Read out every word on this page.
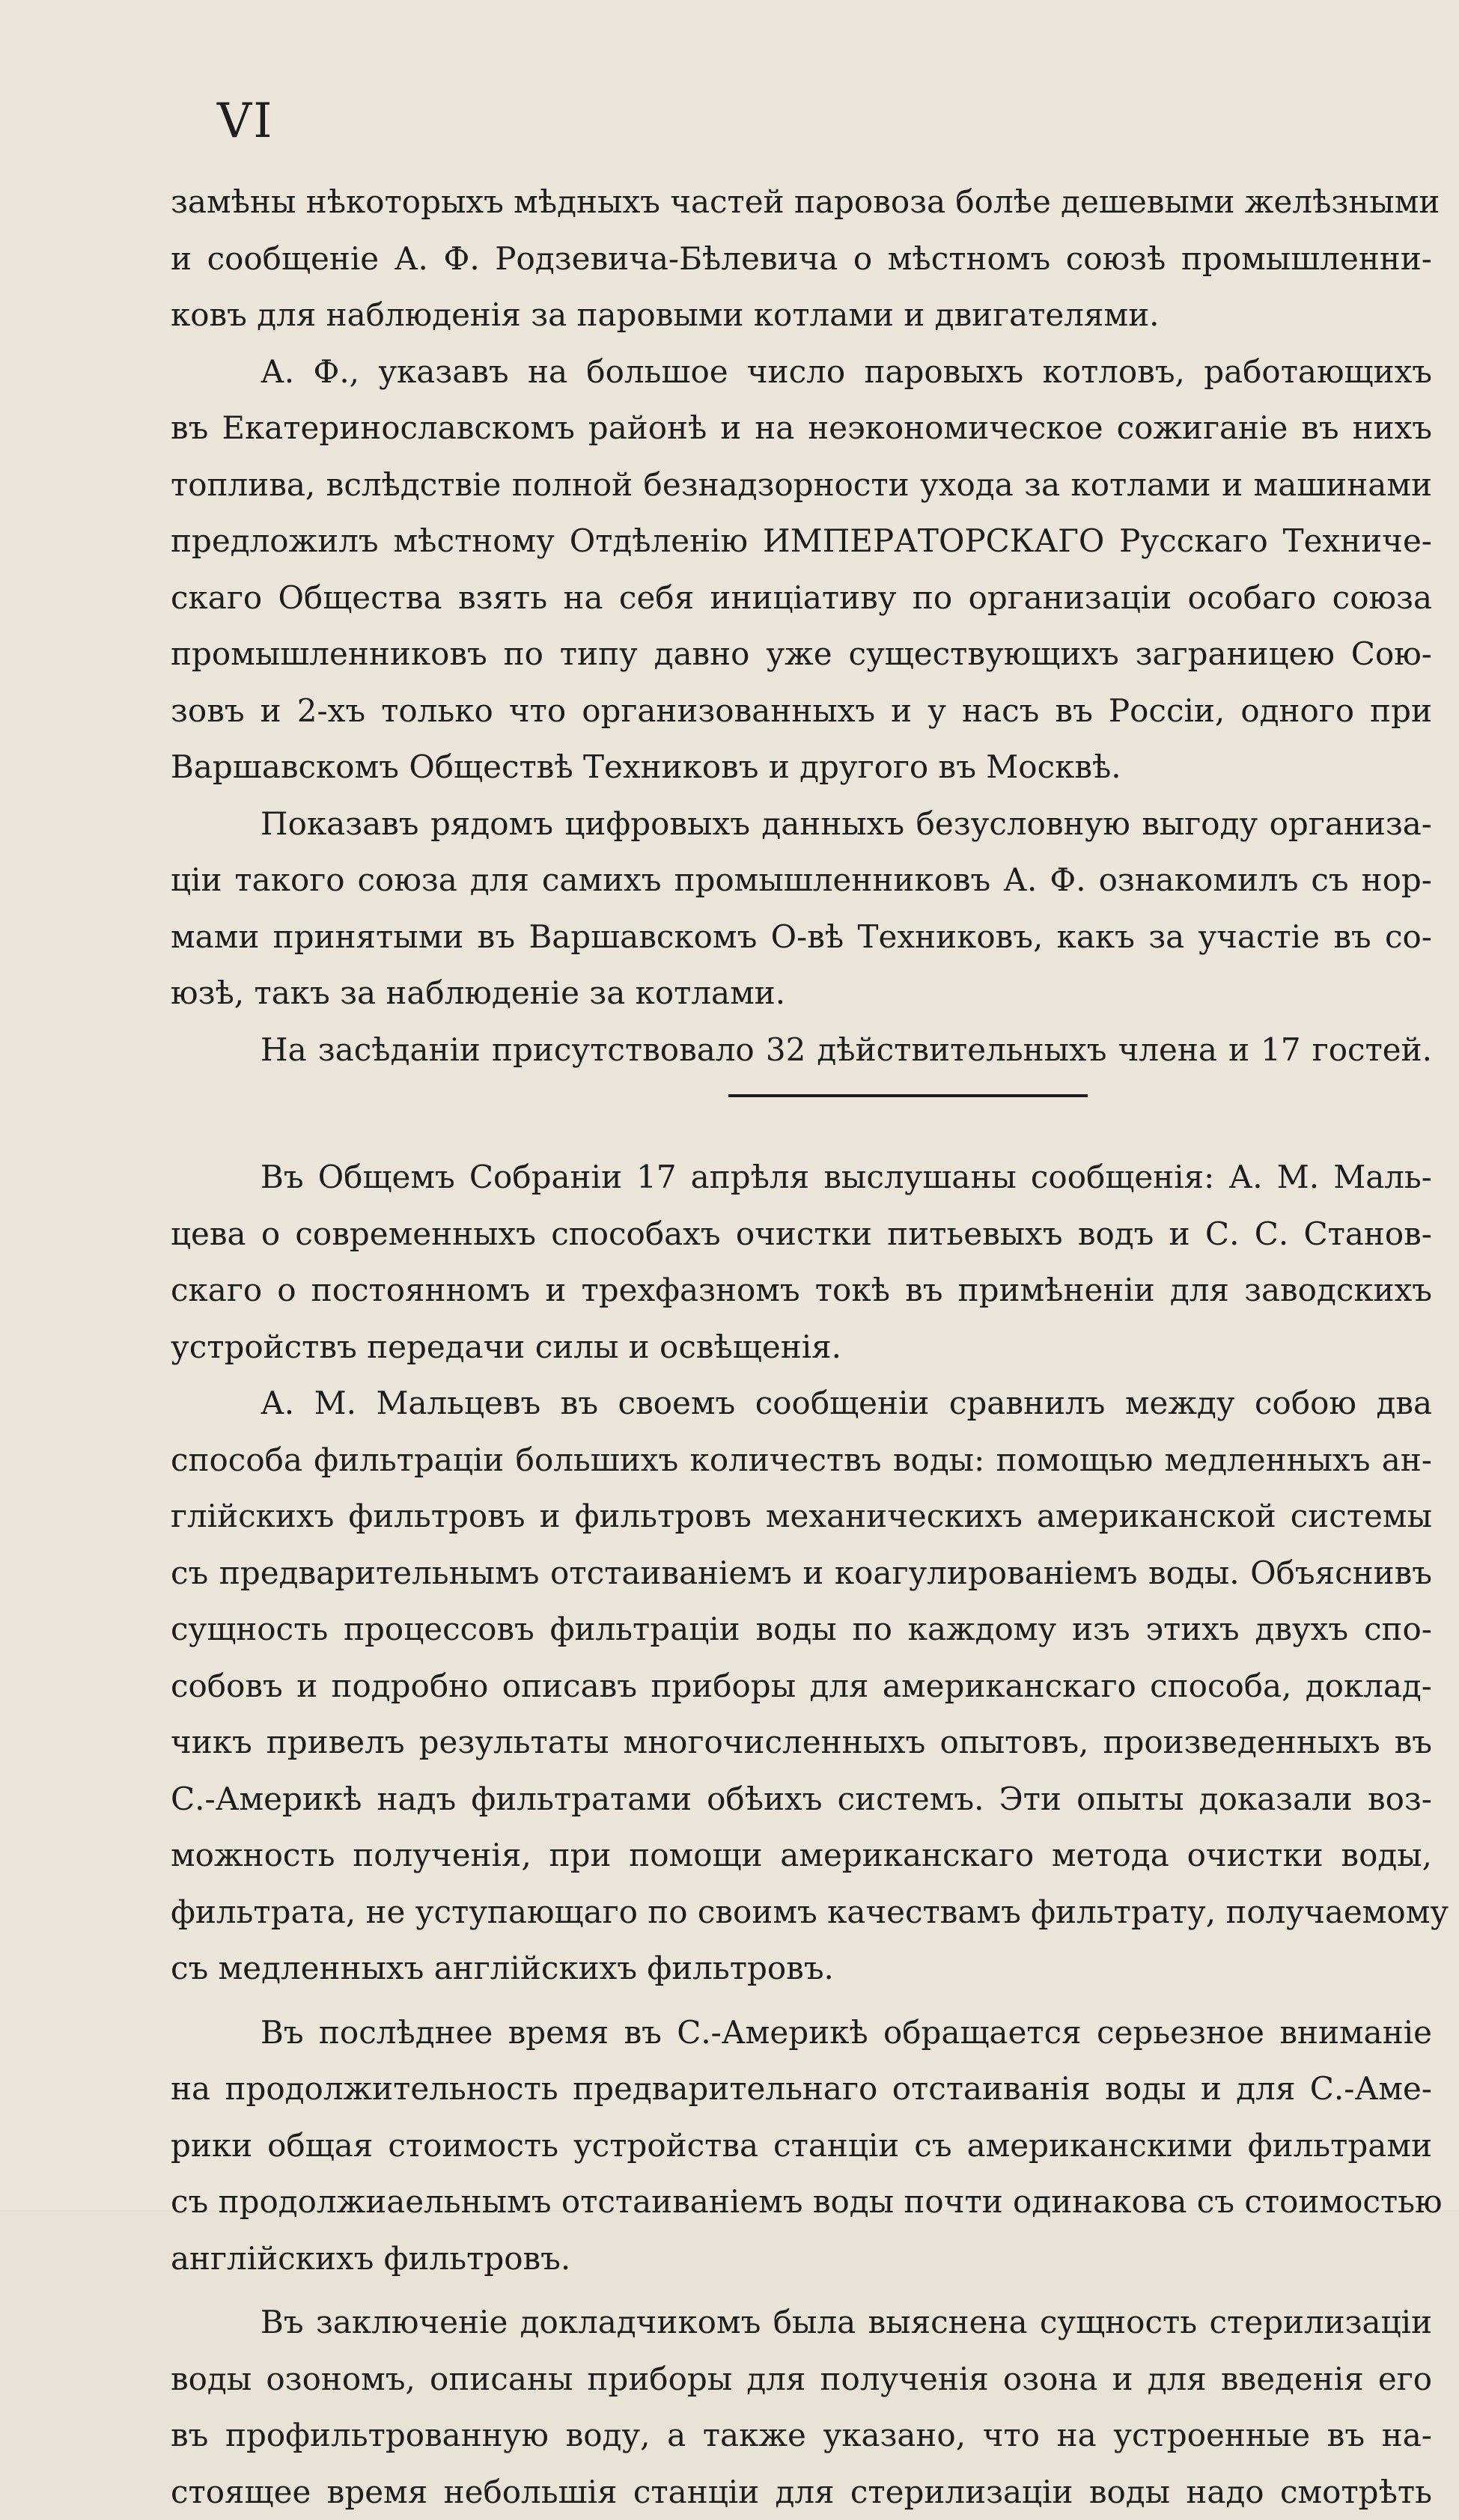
VI
замѣны нѣкоторыхъ мѣдныхъ частей паровоза болѣе дешевыми желѣзными
и сообщеніе А. Ф. Родзевича-Бѣлевича о мѣстномъ союзѣ промышленни-
ковъ для наблюденія за паровыми котлами и двигателями.
А. Ф., указавъ на большое число паровыхъ котловъ, работающихъ
въ Екатеринославскомъ районѣ и на неэкономическое сожиганіе въ нихъ
топлива, вслѣдствіе полной безнадзорности ухода за котлами и машинами
предложилъ мѣстному Отдѣленію ИМПЕРАТОРСКАГО Русскаго Техниче-
скаго Общества взять на себя иниціативу по организаціи особаго союза
промышленниковъ по типу давно уже существующихъ заграницею Сою-
зовъ и 2-хъ только что организованныхъ и у насъ въ Россіи, одного при
Варшавскомъ Обществѣ Техниковъ и другого въ Москвѣ.
Показавъ рядомъ цифровыхъ данныхъ безусловную выгоду организа-
ціи такого союза для самихъ промышленниковъ А. Ф. ознакомилъ съ нор-
мами принятыми въ Варшавскомъ О-вѣ Техниковъ, какъ за участіе въ со-
юзѣ, такъ за наблюденіе за котлами.
На засѣданіи присутствовало 32 дѣйствительныхъ члена и 17 гостей.
Въ Общемъ Собраніи 17 апрѣля выслушаны сообщенія: А. М. Маль-
цева о современныхъ способахъ очистки питьевыхъ водъ и С. С. Станов-
скаго о постоянномъ и трехфазномъ токѣ въ примѣненіи для заводскихъ
устройствъ передачи силы и освѣщенія.
А. М. Мальцевъ въ своемъ сообщеніи сравнилъ между собою два
способа фильтраціи большихъ количествъ воды: помощью медленныхъ ан-
глійскихъ фильтровъ и фильтровъ механическихъ американской системы
съ предварительнымъ отстаиваніемъ и коагулированіемъ воды. Объяснивъ
сущность процессовъ фильтраціи воды по каждому изъ этихъ двухъ спо-
собовъ и подробно описавъ приборы для американскаго способа, доклад-
чикъ привелъ результаты многочисленныхъ опытовъ, произведенныхъ въ
С.-Америкѣ надъ фильтратами обѣихъ системъ. Эти опыты доказали воз-
можность полученія, при помощи американскаго метода очистки воды,
фильтрата, не уступающаго по своимъ качествамъ фильтрату, получаемому
съ медленныхъ англійскихъ фильтровъ.
Въ послѣднее время въ С.-Америкѣ обращается серьезное вниманіе
на продолжительность предварительнаго отстаиванія воды и для С.-Аме-
рики общая стоимость устройства станціи съ американскими фильтрами
съ продолжиаельнымъ отстаиваніемъ воды почти одинакова съ стоимостью
англійскихъ фильтровъ.
Въ заключеніе докладчикомъ была выяснена сущность стерилизаціи
воды озономъ, описаны приборы для полученія озона и для введенія его
въ профильтрованную воду, а также указано, что на устроенные въ на-
стоящее время небольшія станціи для стерилизаціи воды надо смотрѣть
